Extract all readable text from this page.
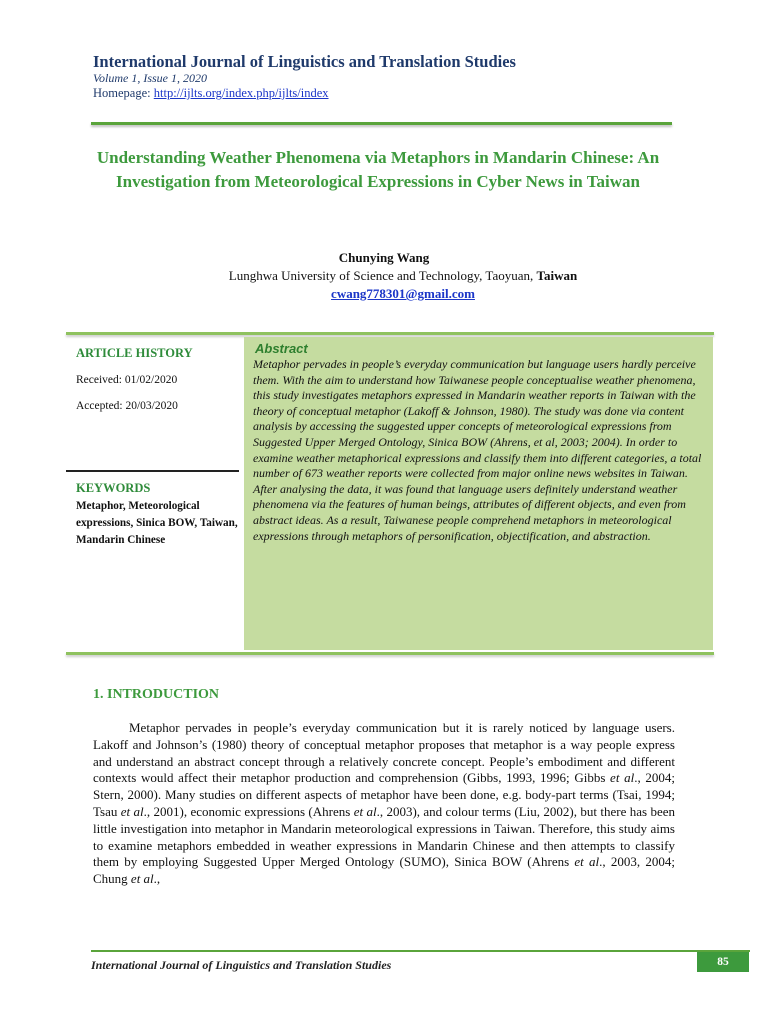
International Journal of Linguistics and Translation Studies
Volume 1, Issue 1, 2020
Homepage: http://ijlts.org/index.php/ijlts/index
Understanding Weather Phenomena via Metaphors in Mandarin Chinese: An Investigation from Meteorological Expressions in Cyber News in Taiwan
Chunying Wang
Lunghwa University of Science and Technology, Taoyuan, Taiwan
cwang778301@gmail.com
Abstract
Metaphor pervades in people’s everyday communication but language users hardly perceive them. With the aim to understand how Taiwanese people conceptualise weather phenomena, this study investigates metaphors expressed in Mandarin weather reports in Taiwan with the theory of conceptual metaphor (Lakoff & Johnson, 1980). The study was done via content analysis by accessing the suggested upper concepts of meteorological expressions from Suggested Upper Merged Ontology, Sinica BOW (Ahrens, et al, 2003; 2004). In order to examine weather metaphorical expressions and classify them into different categories, a total number of 673 weather reports were collected from major online news websites in Taiwan. After analysing the data, it was found that language users definitely understand weather phenomena via the features of human beings, attributes of different objects, and even from abstract ideas. As a result, Taiwanese people comprehend metaphors in meteorological expressions through metaphors of personification, objectification, and abstraction.
ARTICLE HISTORY
Received: 01/02/2020
Accepted: 20/03/2020
KEYWORDS
Metaphor, Meteorological expressions, Sinica BOW, Taiwan, Mandarin Chinese
1. INTRODUCTION

Metaphor pervades in people’s everyday communication but it is rarely noticed by language users. Lakoff and Johnson’s (1980) theory of conceptual metaphor proposes that metaphor is a way people express and understand an abstract concept through a relatively concrete concept. People’s embodiment and different contexts would affect their metaphor production and comprehension (Gibbs, 1993, 1996; Gibbs et al., 2004; Stern, 2000). Many studies on different aspects of metaphor have been done, e.g. body-part terms (Tsai, 1994; Tsau et al., 2001), economic expressions (Ahrens et al., 2003), and colour terms (Liu, 2002), but there has been little investigation into metaphor in Mandarin meteorological expressions in Taiwan. Therefore, this study aims to examine metaphors embedded in weather expressions in Mandarin Chinese and then attempts to classify them by employing Suggested Upper Merged Ontology (SUMO), Sinica BOW (Ahrens et al., 2003, 2004; Chung et al.,

International Journal of Linguistics and Translation Studies	85
